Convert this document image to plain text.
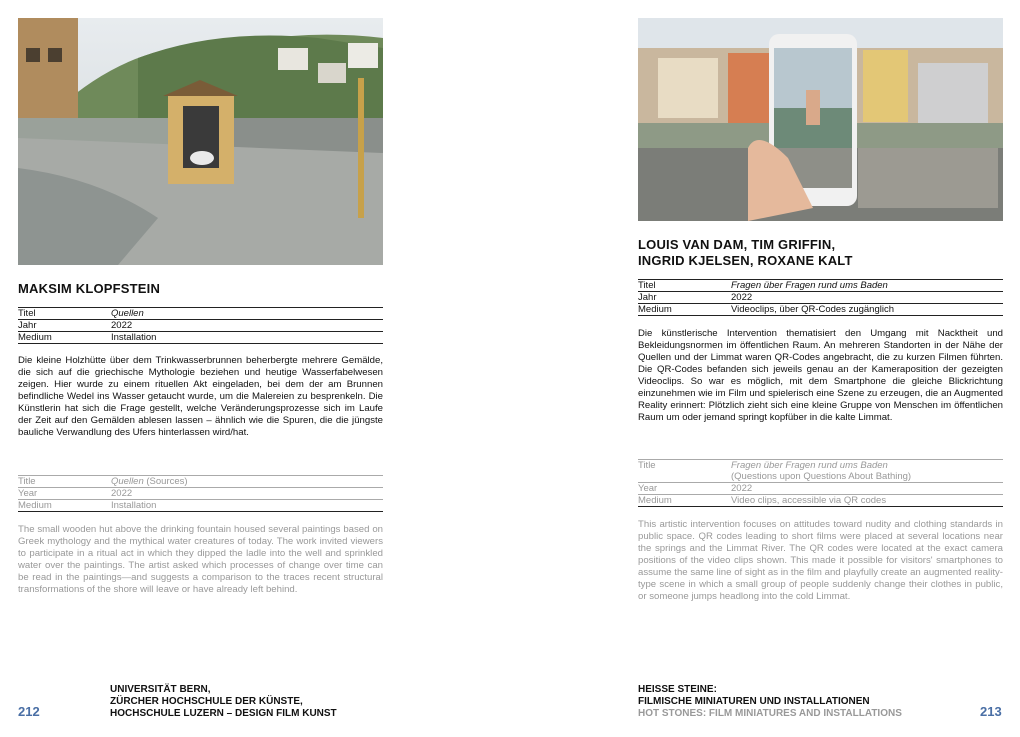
MAKSIM KLOPFSTEIN
Titel	Quellen
Jahr	2022
Medium	Installation
Die kleine Holzhütte über dem Trinkwasserbrunnen beherbergte mehrere Gemälde, die sich auf die griechische Mythologie beziehen und heutige Wasserfabelwesen zeigen. Hier wurde zu einem rituellen Akt eingeladen, bei dem der am Brunnen befindliche Wedel ins Wasser getaucht wurde, um die Malereien zu besprenkeln. Die Künstlerin hat sich die Frage gestellt, welche Veränderungsprozesse sich im Laufe der Zeit auf den Gemälden ablesen lassen – ähnlich wie die Spuren, die die jüngste bauliche Verwandlung des Ufers hinterlassen wird/hat.
Title	Quellen (Sources)
Year	2022
Medium	Installation
The small wooden hut above the drinking fountain housed several paintings based on Greek mythology and the mythical water creatures of today. The work invited viewers to participate in a ritual act in which they dipped the ladle into the well and sprinkled water over the paintings. The artist asked which processes of change over time can be read in the paintings—and suggests a comparison to the traces recent structural transformations of the shore will leave or have already left behind.
212
UNIVERSITÄT BERN,
ZÜRCHER HOCHSCHULE DER KÜNSTE,
HOCHSCHULE LUZERN – DESIGN FILM KUNST
LOUIS VAN DAM, TIM GRIFFIN,
INGRID KJELSEN, ROXANE KALT
Titel	Fragen über Fragen rund ums Baden
Jahr	2022
Medium	Videoclips, über QR-Codes zugänglich
Die künstlerische Intervention thematisiert den Umgang mit Nacktheit und Bekleidungsnormen im öffentlichen Raum. An mehreren Standorten in der Nähe der Quellen und der Limmat waren QR-Codes angebracht, die zu kurzen Filmen führten. Die QR-Codes befanden sich jeweils genau an der Kameraposition der gezeigten Videoclips. So war es möglich, mit dem Smartphone die gleiche Blickrichtung einzunehmen wie im Film und spielerisch eine Szene zu erzeugen, die an Augmented Reality erinnert: Plötzlich zieht sich eine kleine Gruppe von Menschen im öffentlichen Raum um oder jemand springt kopfüber in die kalte Limmat.
Title	Fragen über Fragen rund ums Baden
(Questions upon Questions About Bathing)
Year	2022
Medium	Video clips, accessible via QR codes
This artistic intervention focuses on attitudes toward nudity and clothing standards in public space. QR codes leading to short films were placed at several locations near the springs and the Limmat River. The QR codes were located at the exact camera positions of the video clips shown. This made it possible for visitors' smartphones to assume the same line of sight as in the film and playfully create an augmented reality-type scene in which a small group of people suddenly change their clothes in public, or someone jumps headlong into the cold Limmat.
HEISSE STEINE:
FILMISCHE MINIATUREN UND INSTALLATIONEN
HOT STONES: FILM MINIATURES AND INSTALLATIONS	213
